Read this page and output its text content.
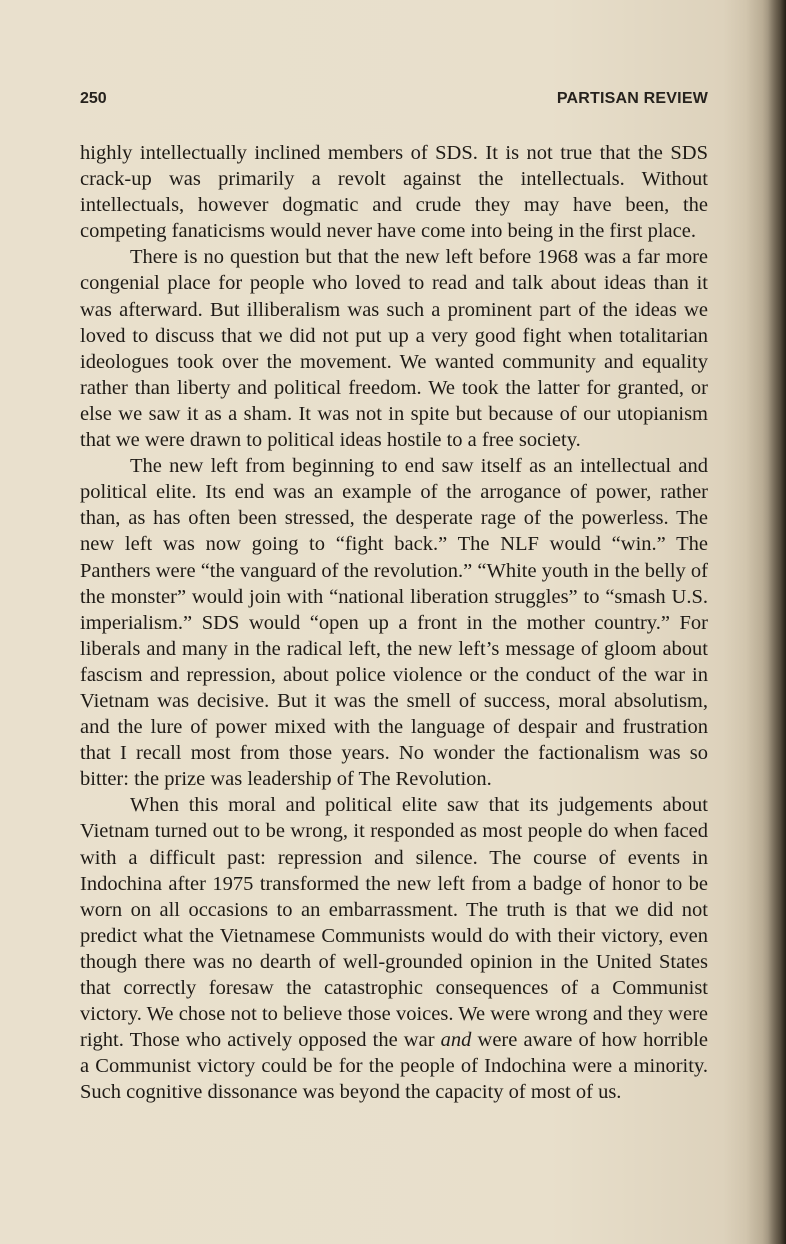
250	PARTISAN REVIEW

highly intellectually inclined members of SDS. It is not true that the SDS crack-up was primarily a revolt against the intellectuals. Without intellectuals, however dogmatic and crude they may have been, the competing fanaticisms would never have come into being in the first place.

There is no question but that the new left before 1968 was a far more congenial place for people who loved to read and talk about ideas than it was afterward. But illiberalism was such a prominent part of the ideas we loved to discuss that we did not put up a very good fight when totalitarian ideologues took over the movement. We wanted community and equality rather than liberty and political freedom. We took the latter for granted, or else we saw it as a sham. It was not in spite but because of our utopianism that we were drawn to political ideas hostile to a free society.

The new left from beginning to end saw itself as an intellectual and political elite. Its end was an example of the arrogance of power, rather than, as has often been stressed, the desperate rage of the powerless. The new left was now going to “fight back.” The NLF would “win.” The Panthers were “the vanguard of the revolution.” “White youth in the belly of the monster” would join with “national liberation struggles” to “smash U.S. imperialism.” SDS would “open up a front in the mother country.” For liberals and many in the radical left, the new left’s message of gloom about fascism and repression, about police violence or the conduct of the war in Vietnam was decisive. But it was the smell of success, moral absolutism, and the lure of power mixed with the language of despair and frustration that I recall most from those years. No wonder the factionalism was so bitter: the prize was leadership of The Revolution.

When this moral and political elite saw that its judgements about Vietnam turned out to be wrong, it responded as most people do when faced with a difficult past: repression and silence. The course of events in Indochina after 1975 transformed the new left from a badge of honor to be worn on all occasions to an embarrassment. The truth is that we did not predict what the Vietnamese Communists would do with their victory, even though there was no dearth of well-grounded opinion in the United States that correctly foresaw the catastrophic consequences of a Communist victory. We chose not to believe those voices. We were wrong and they were right. Those who actively opposed the war and were aware of how horrible a Communist victory could be for the people of Indochina were a minority. Such cognitive dissonance was beyond the capacity of most of us.
